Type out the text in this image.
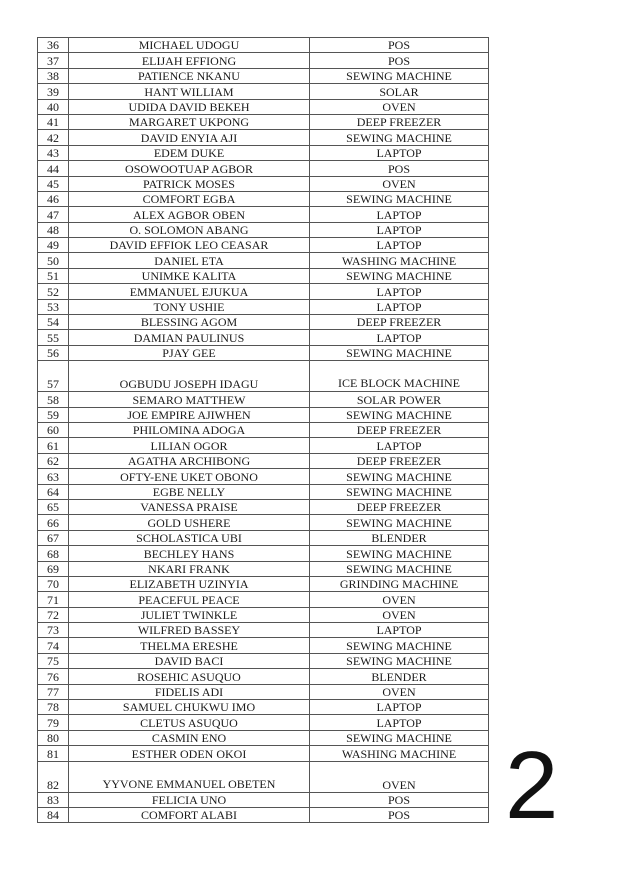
36	MICHAEL UDOGU	POS
37	ELIJAH EFFIONG	POS
38	PATIENCE NKANU	SEWING MACHINE
39	HANT WILLIAM	SOLAR
40	UDIDA DAVID BEKEH	OVEN
41	MARGARET UKPONG	DEEP FREEZER
42	DAVID ENYIA AJI	SEWING MACHINE
43	EDEM DUKE	LAPTOP
44	OSOWOOTUAP AGBOR	POS
45	PATRICK MOSES	OVEN
46	COMFORT EGBA	SEWING MACHINE
47	ALEX AGBOR OBEN	LAPTOP
48	O. SOLOMON ABANG	LAPTOP
49	DAVID EFFIOK LEO CEASAR	LAPTOP
50	DANIEL ETA	WASHING MACHINE
51	UNIMKE KALITA	SEWING MACHINE
52	EMMANUEL EJUKUA	LAPTOP
53	TONY USHIE	LAPTOP
54	BLESSING AGOM	DEEP FREEZER
55	DAMIAN PAULINUS	LAPTOP
56	PJAY GEE	SEWING MACHINE
57	OGBUDU JOSEPH IDAGU	ICE BLOCK MACHINE
58	SEMARO MATTHEW	SOLAR POWER
59	JOE EMPIRE AJIWHEN	SEWING MACHINE
60	PHILOMINA ADOGA	DEEP FREEZER
61	LILIAN OGOR	LAPTOP
62	AGATHA ARCHIBONG	DEEP FREEZER
63	OFTY-ENE UKET OBONO	SEWING MACHINE
64	EGBE NELLY	SEWING MACHINE
65	VANESSA PRAISE	DEEP FREEZER
66	GOLD USHERE	SEWING MACHINE
67	SCHOLASTICA UBI	BLENDER
68	BECHLEY HANS	SEWING MACHINE
69	NKARI FRANK	SEWING MACHINE
70	ELIZABETH UZINYIA	GRINDING MACHINE
71	PEACEFUL PEACE	OVEN
72	JULIET TWINKLE	OVEN
73	WILFRED BASSEY	LAPTOP
74	THELMA ERESHE	SEWING MACHINE
75	DAVID BACI	SEWING MACHINE
76	ROSEHIC ASUQUO	BLENDER
77	FIDELIS ADI	OVEN
78	SAMUEL CHUKWU IMO	LAPTOP
79	CLETUS ASUQUO	LAPTOP
80	CASMIN ENO	SEWING MACHINE
81	ESTHER ODEN OKOI	WASHING MACHINE
82	YYVONE EMMANUEL OBETEN	OVEN
83	FELICIA UNO	POS
84	COMFORT ALABI	POS 2
